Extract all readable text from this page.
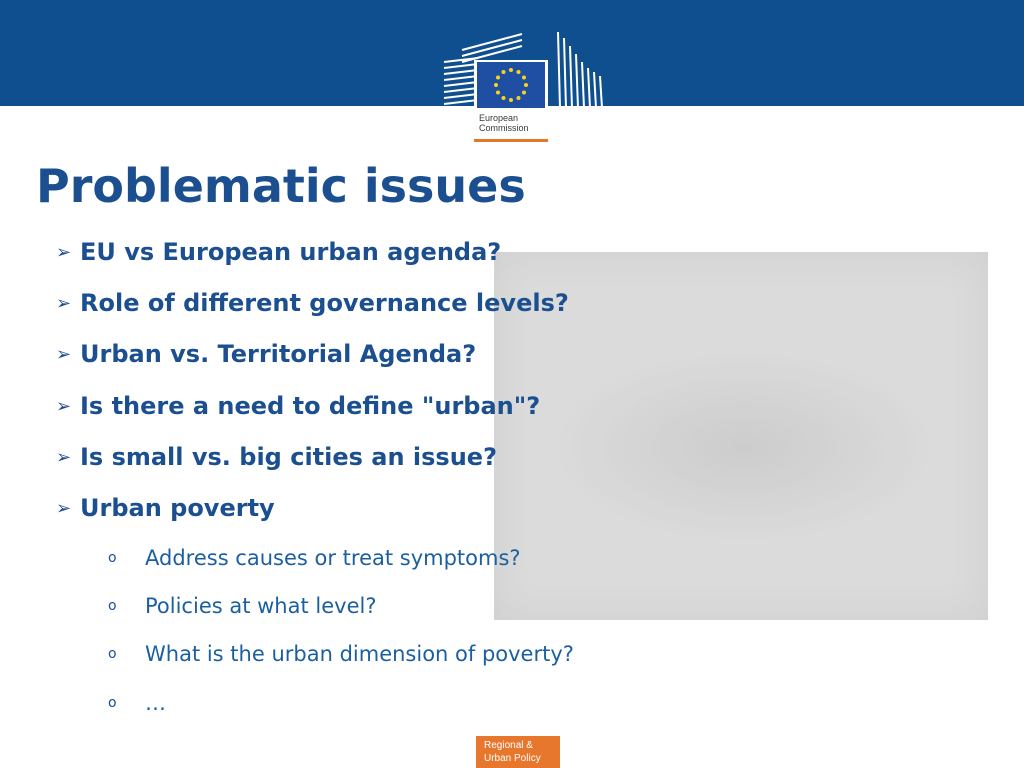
European
Commission
Problematic issues
➢ EU vs European urban agenda?
➢ Role of different governance levels?
➢ Urban vs. Territorial Agenda?
➢ Is there a need to define "urban"?
➢ Is small vs. big cities an issue?
➢ Urban poverty
o	Address causes or treat symptoms?
o	Policies at what level?
o	What is the urban dimension of poverty?
o	…
Regional &
Urban Policy
